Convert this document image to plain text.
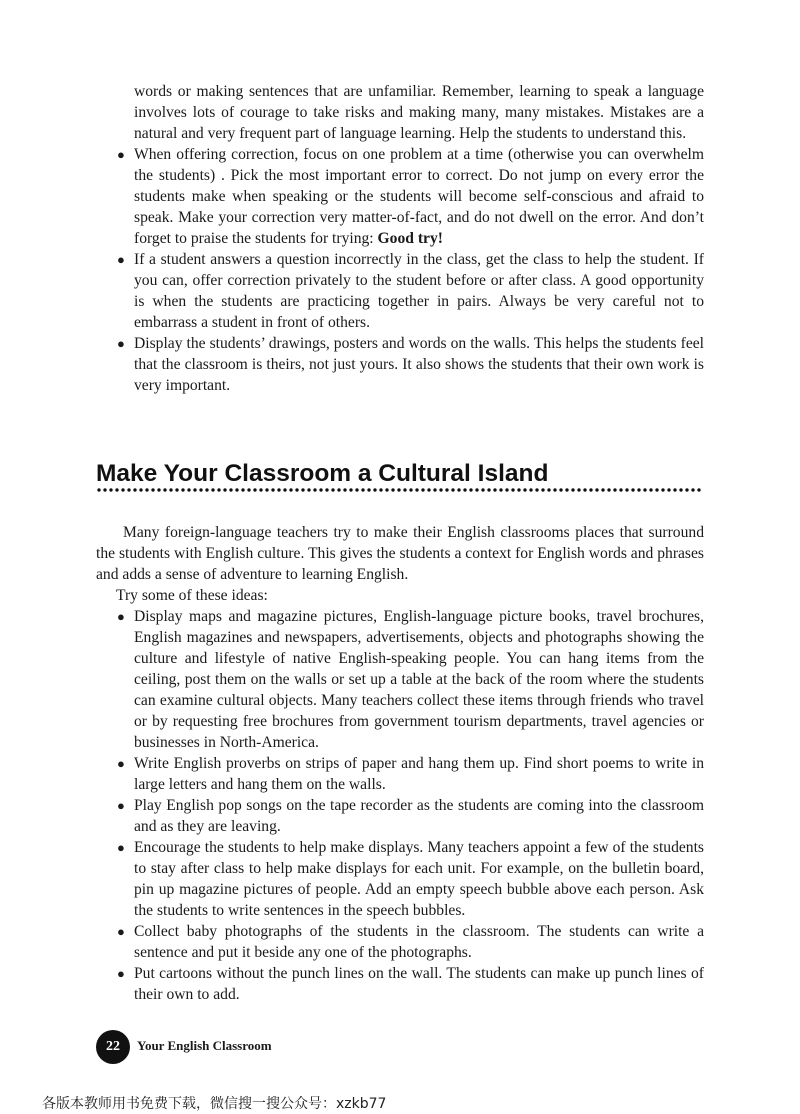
words or making sentences that are unfamiliar. Remember, learning to speak a language involves lots of courage to take risks and making many, many mistakes. Mistakes are a natural and very frequent part of language learning. Help the students to understand this.

● When offering correction, focus on one problem at a time (otherwise you can overwhelm the students) . Pick the most important error to correct. Do not jump on every error the students make when speaking or the students will become self-conscious and afraid to speak. Make your correction very matter-of-fact, and do not dwell on the error. And don’t forget to praise the students for trying: Good try!
● If a student answers a question incorrectly in the class, get the class to help the student. If you can, offer correction privately to the student before or after class. A good opportunity is when the students are practicing together in pairs. Always be very careful not to embarrass a student in front of others.
● Display the students’ drawings, posters and words on the walls. This helps the students feel that the classroom is theirs, not just yours. It also shows the students that their own work is very important.
Make Your Classroom a Cultural Island

Many foreign-language teachers try to make their English classrooms places that surround the students with English culture. This gives the students a context for English words and phrases and adds a sense of adventure to learning English.

Try some of these ideas:

● Display maps and magazine pictures, English-language picture books, travel brochures, English magazines and newspapers, advertisements, objects and photographs showing the culture and lifestyle of native English-speaking people. You can hang items from the ceiling, post them on the walls or set up a table at the back of the room where the students can examine cultural objects. Many teachers collect these items through friends who travel or by requesting free brochures from government tourism departments, travel agencies or businesses in North-America.
● Write English proverbs on strips of paper and hang them up. Find short poems to write in large letters and hang them on the walls.
● Play English pop songs on the tape recorder as the students are coming into the classroom and as they are leaving.
● Encourage the students to help make displays. Many teachers appoint a few of the students to stay after class to help make displays for each unit. For example, on the bulletin board, pin up magazine pictures of people. Add an empty speech bubble above each person. Ask the students to write sentences in the speech bubbles.
● Collect baby photographs of the students in the classroom. The students can write a sentence and put it beside any one of the photographs.
● Put cartoons without the punch lines on the wall. The students can make up punch lines of their own to add.
22	Your English Classroom
各版本教师用书免费下载，微信搜一搜公众号：xzkb77
